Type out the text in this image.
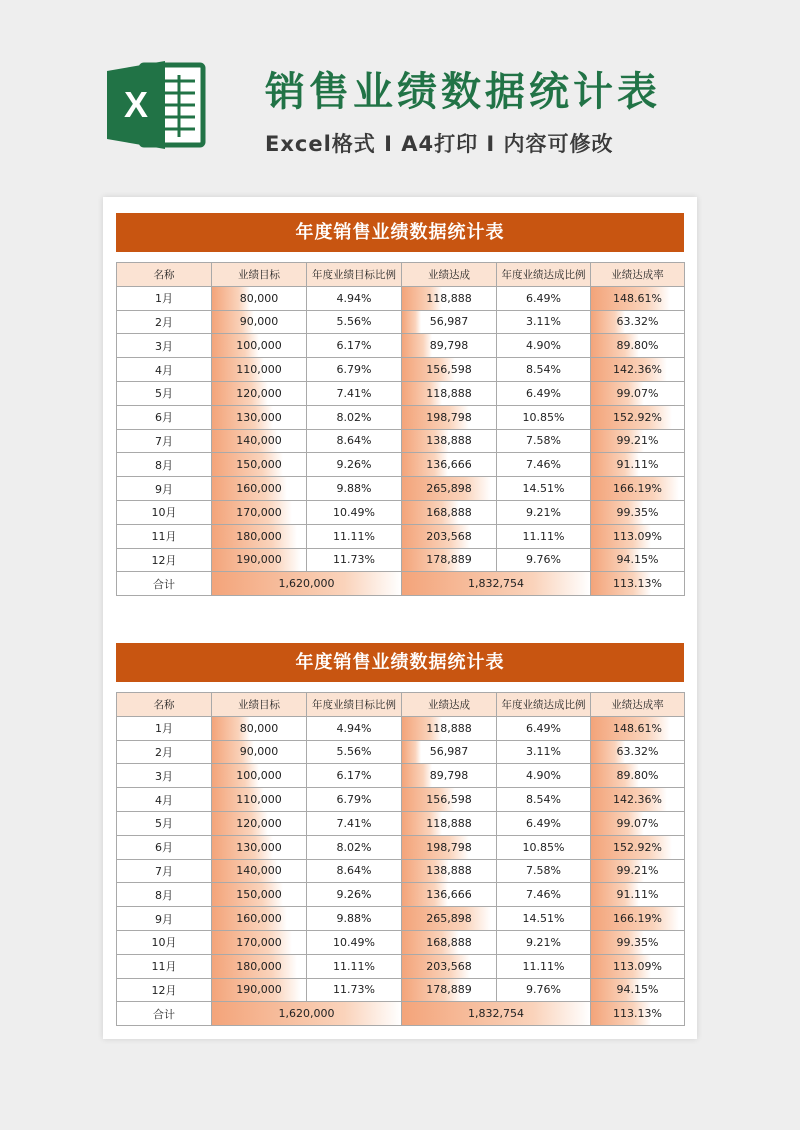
X	销售业绩数据统计表
Excel格式 I A4打印 I 内容可修改
年度销售业绩数据统计表
名称	业绩目标	年度业绩目标比例	业绩达成	年度业绩达成比例	业绩达成率
1月	80,000	4.94%	118,888	6.49%	148.61%
2月	90,000	5.56%	56,987	3.11%	63.32%
3月	100,000	6.17%	89,798	4.90%	89.80%
4月	110,000	6.79%	156,598	8.54%	142.36%
5月	120,000	7.41%	118,888	6.49%	99.07%
6月	130,000	8.02%	198,798	10.85%	152.92%
7月	140,000	8.64%	138,888	7.58%	99.21%
8月	150,000	9.26%	136,666	7.46%	91.11%
9月	160,000	9.88%	265,898	14.51%	166.19%
10月	170,000	10.49%	168,888	9.21%	99.35%
11月	180,000	11.11%	203,568	11.11%	113.09%
12月	190,000	11.73%	178,889	9.76%	94.15%
合计	1,620,000		1,832,754		113.13%
年度销售业绩数据统计表
名称	业绩目标	年度业绩目标比例	业绩达成	年度业绩达成比例	业绩达成率
1月	80,000	4.94%	118,888	6.49%	148.61%
2月	90,000	5.56%	56,987	3.11%	63.32%
3月	100,000	6.17%	89,798	4.90%	89.80%
4月	110,000	6.79%	156,598	8.54%	142.36%
5月	120,000	7.41%	118,888	6.49%	99.07%
6月	130,000	8.02%	198,798	10.85%	152.92%
7月	140,000	8.64%	138,888	7.58%	99.21%
8月	150,000	9.26%	136,666	7.46%	91.11%
9月	160,000	9.88%	265,898	14.51%	166.19%
10月	170,000	10.49%	168,888	9.21%	99.35%
11月	180,000	11.11%	203,568	11.11%	113.09%
12月	190,000	11.73%	178,889	9.76%	94.15%
合计	1,620,000		1,832,754		113.13%
